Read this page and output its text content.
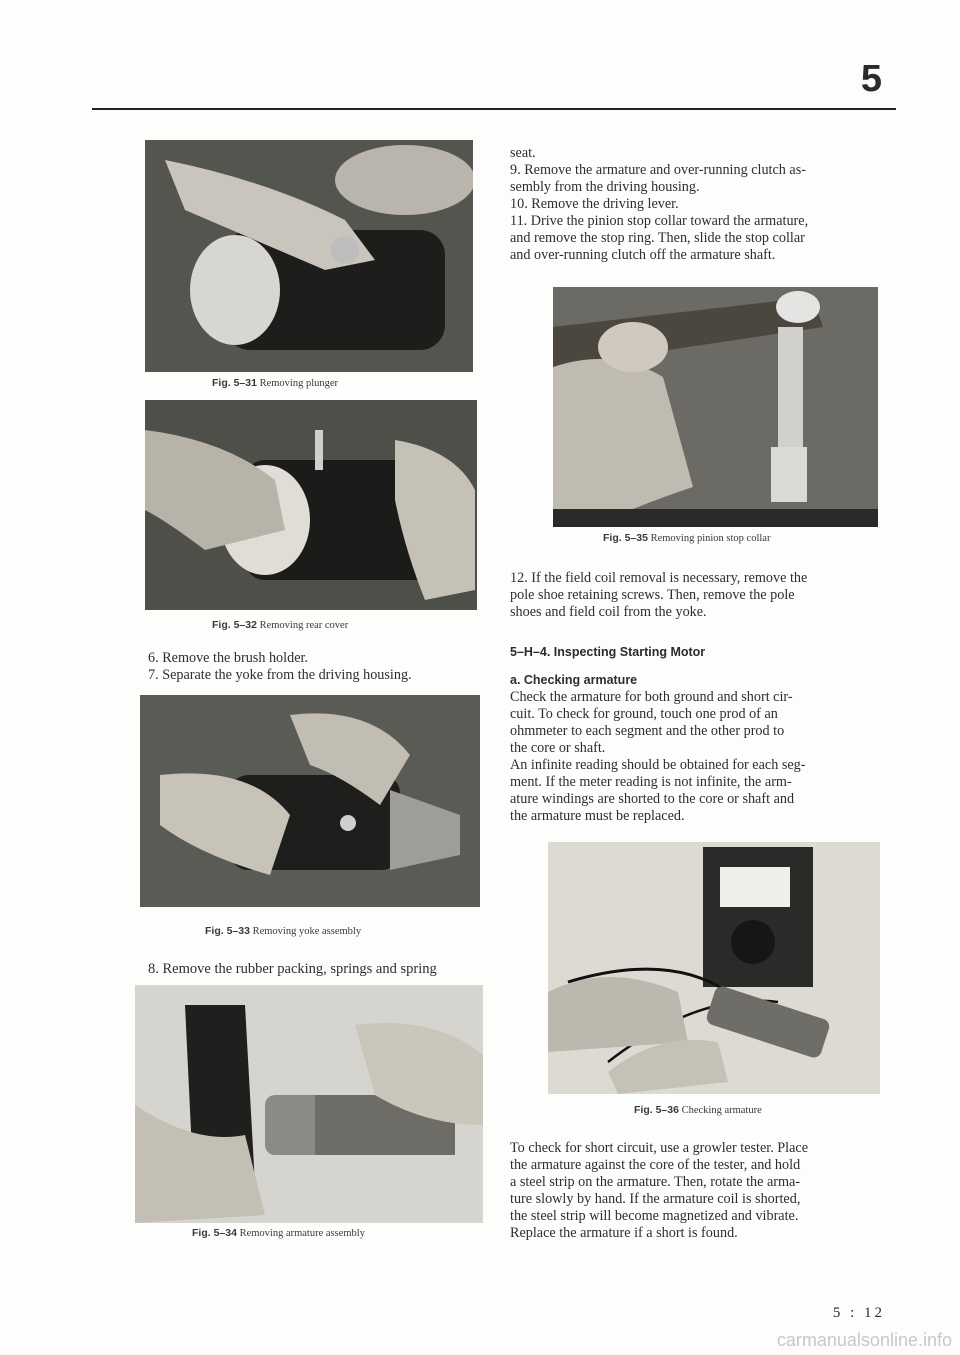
5
Fig. 5–31 Removing plunger
Fig. 5–32 Removing rear cover

6. Remove the brush holder.

7. Separate the yoke from the driving housing.

Fig. 5–33 Removing yoke assembly

8. Remove the rubber packing, springs and spring

Fig. 5–34 Removing armature assembly

seat.

9. Remove the armature and over-running clutch as-

sembly from the driving housing.

10. Remove the driving lever.

11. Drive the pinion stop collar toward the armature,

and remove the stop ring. Then, slide the stop collar

and over-running clutch off the armature shaft.

Fig. 5–35 Removing pinion stop collar

12. If the field coil removal is necessary, remove the

pole shoe retaining screws. Then, remove the pole

shoes and field coil from the yoke.

5–H–4. Inspecting Starting Motor

a. Checking armature

Check the armature for both ground and short cir-

cuit. To check for ground, touch one prod of an

ohmmeter to each segment and the other prod to

the core or shaft.

An infinite reading should be obtained for each seg-

ment. If the meter reading is not infinite, the arm-

ature windings are shorted to the core or shaft and

the armature must be replaced.

Fig. 5–36 Checking armature

To check for short circuit, use a growler tester. Place

the armature against the core of the tester, and hold

a steel strip on the armature. Then, rotate the arma-

ture slowly by hand. If the armature coil is shorted,

the steel strip will become magnetized and vibrate.

Replace the armature if a short is found.

5 : 12
carmanualsonline.info
